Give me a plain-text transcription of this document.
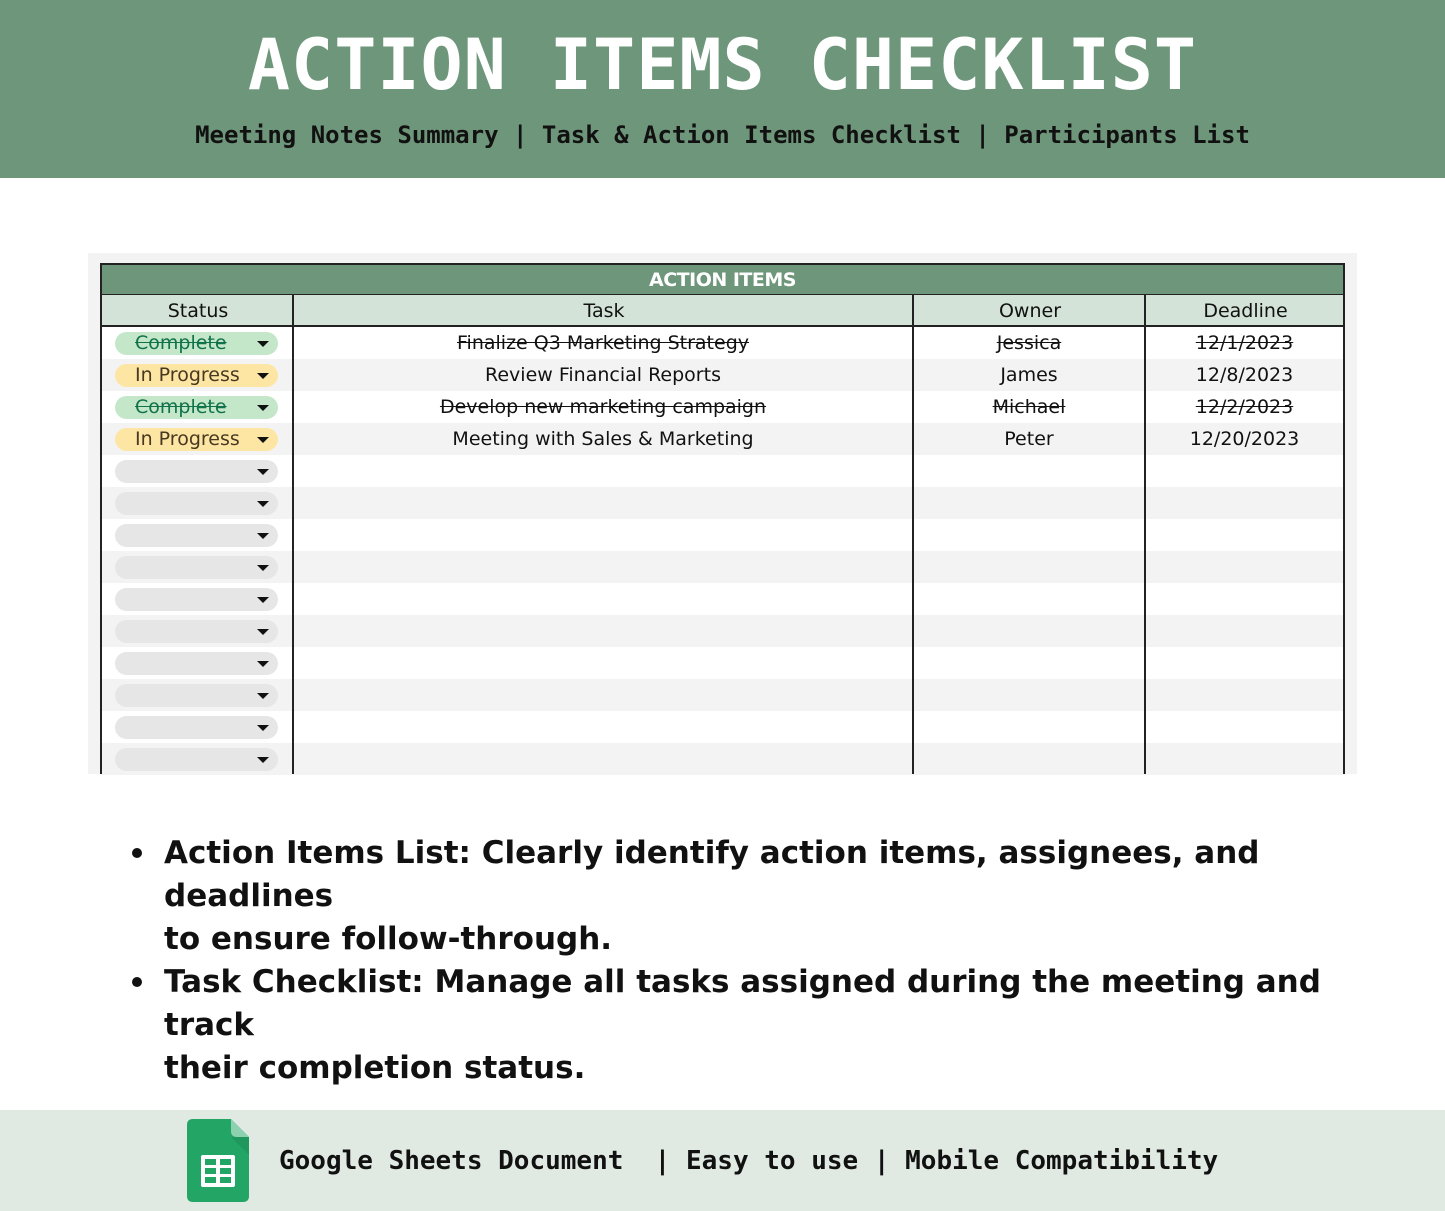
ACTION ITEMS CHECKLIST
Meeting Notes Summary | Task & Action Items Checklist | Participants List
ACTION ITEMS
Status	Task	Owner	Deadline
Complete	Finalize Q3 Marketing Strategy	Jessica	12/1/2023
In Progress	Review Financial Reports	James	12/8/2023
Complete	Develop new marketing campaign	Michael	12/2/2023
In Progress	Meeting with Sales & Marketing	Peter	12/20/2023
Action Items List: Clearly identify action items, assignees, and deadlines
to ensure follow-through.
Task Checklist: Manage all tasks assigned during the meeting and track
their completion status.
Google Sheets Document  | Easy to use | Mobile Compatibility
